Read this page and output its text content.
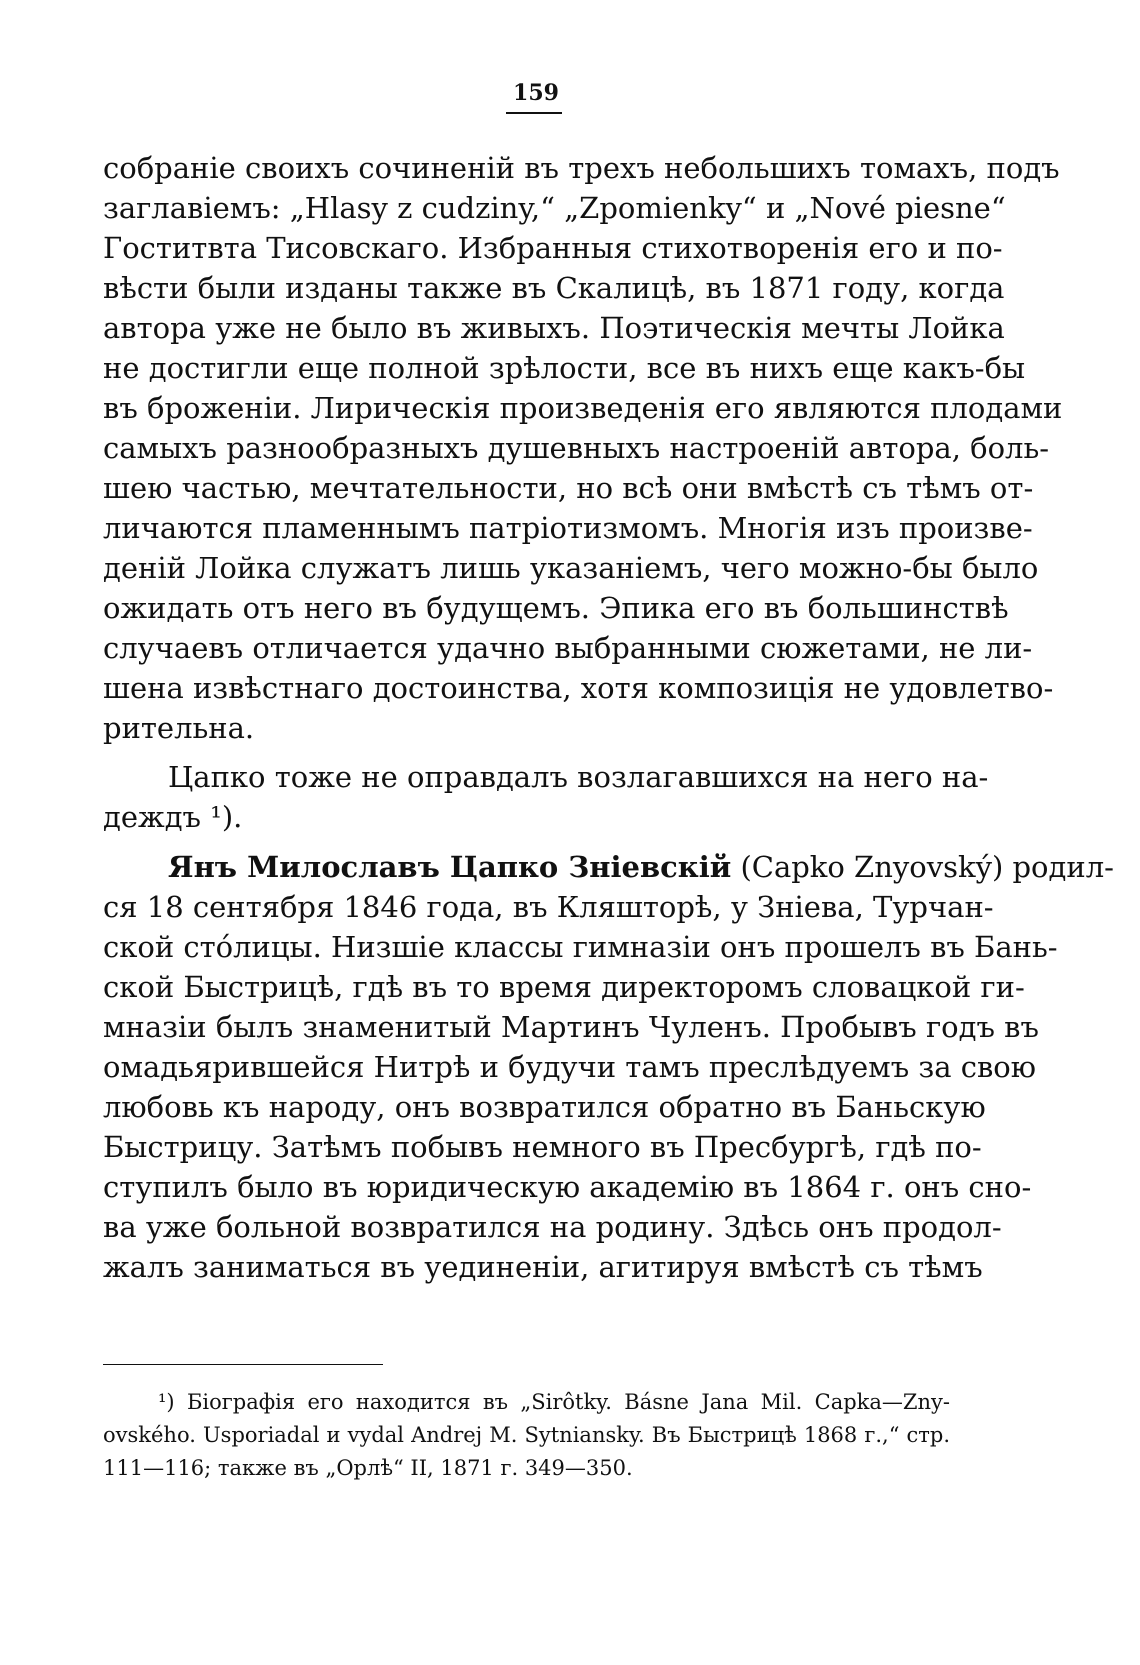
159

собраніе своихъ сочиненій въ трехъ небольшихъ томахъ, подъ

заглавіемъ: „Hlasy z cudziny,“ „Zpomienky“ и „Nové piesne“

Гоститвта Тисовскаго. Избранныя стихотворенія его и по-

вѣсти были изданы также въ Скалицѣ, въ 1871 году, когда

автора уже не было въ живыхъ. Поэтическія мечты Лойка

не достигли еще полной зрѣлости, все въ нихъ еще какъ-бы

въ броженіи. Лирическія произведенія его являются плодами

самыхъ разнообразныхъ душевныхъ настроеній автора, боль-

шею частью, мечтательности, но всѣ они вмѣстѣ съ тѣмъ от-

личаются пламеннымъ патріотизмомъ. Многія изъ произве-

деній Лойка служатъ лишь указаніемъ, чего можно-бы было

ожидать отъ него въ будущемъ. Эпика его въ большинствѣ

случаевъ отличается удачно выбранными сюжетами, не ли-

шена извѣстнаго достоинства, хотя композиція не удовлетво-

рительна.

Цапко тоже не оправдалъ возлагавшихся на него на-

деждъ ¹).

Янъ Милославъ Цапко Зніевскій (Capko Znyovský) родил-

ся 18 сентября 1846 года, въ Кляшторѣ, у Зніева, Турчан-

ской стóлицы. Низшіе классы гимназіи онъ прошелъ въ Бань-

ской Быстрицѣ, гдѣ въ то время директоромъ словацкой ги-

мназіи былъ знаменитый Мартинъ Чуленъ. Пробывъ годъ въ

омадьярившейся Нитрѣ и будучи тамъ преслѣдуемъ за свою

любовь къ народу, онъ возвратился обратно въ Баньскую

Быстрицу. Затѣмъ побывъ немного въ Пресбургѣ, гдѣ по-

ступилъ было въ юридическую академію въ 1864 г. онъ сно-

ва уже больной возвратился на родину. Здѣсь онъ продол-

жалъ заниматься въ уединеніи, агитируя вмѣстѣ съ тѣмъ

¹) Біографія его находится въ „Sirôtky. Básne Jana Mil. Capka—Zny-

ovského. Usporiadal и vydal Andrej M. Sytniansky. Въ Быстрицѣ 1868 г.,“ стр.

111—116; также въ „Орлѣ“ II, 1871 г. 349—350.
